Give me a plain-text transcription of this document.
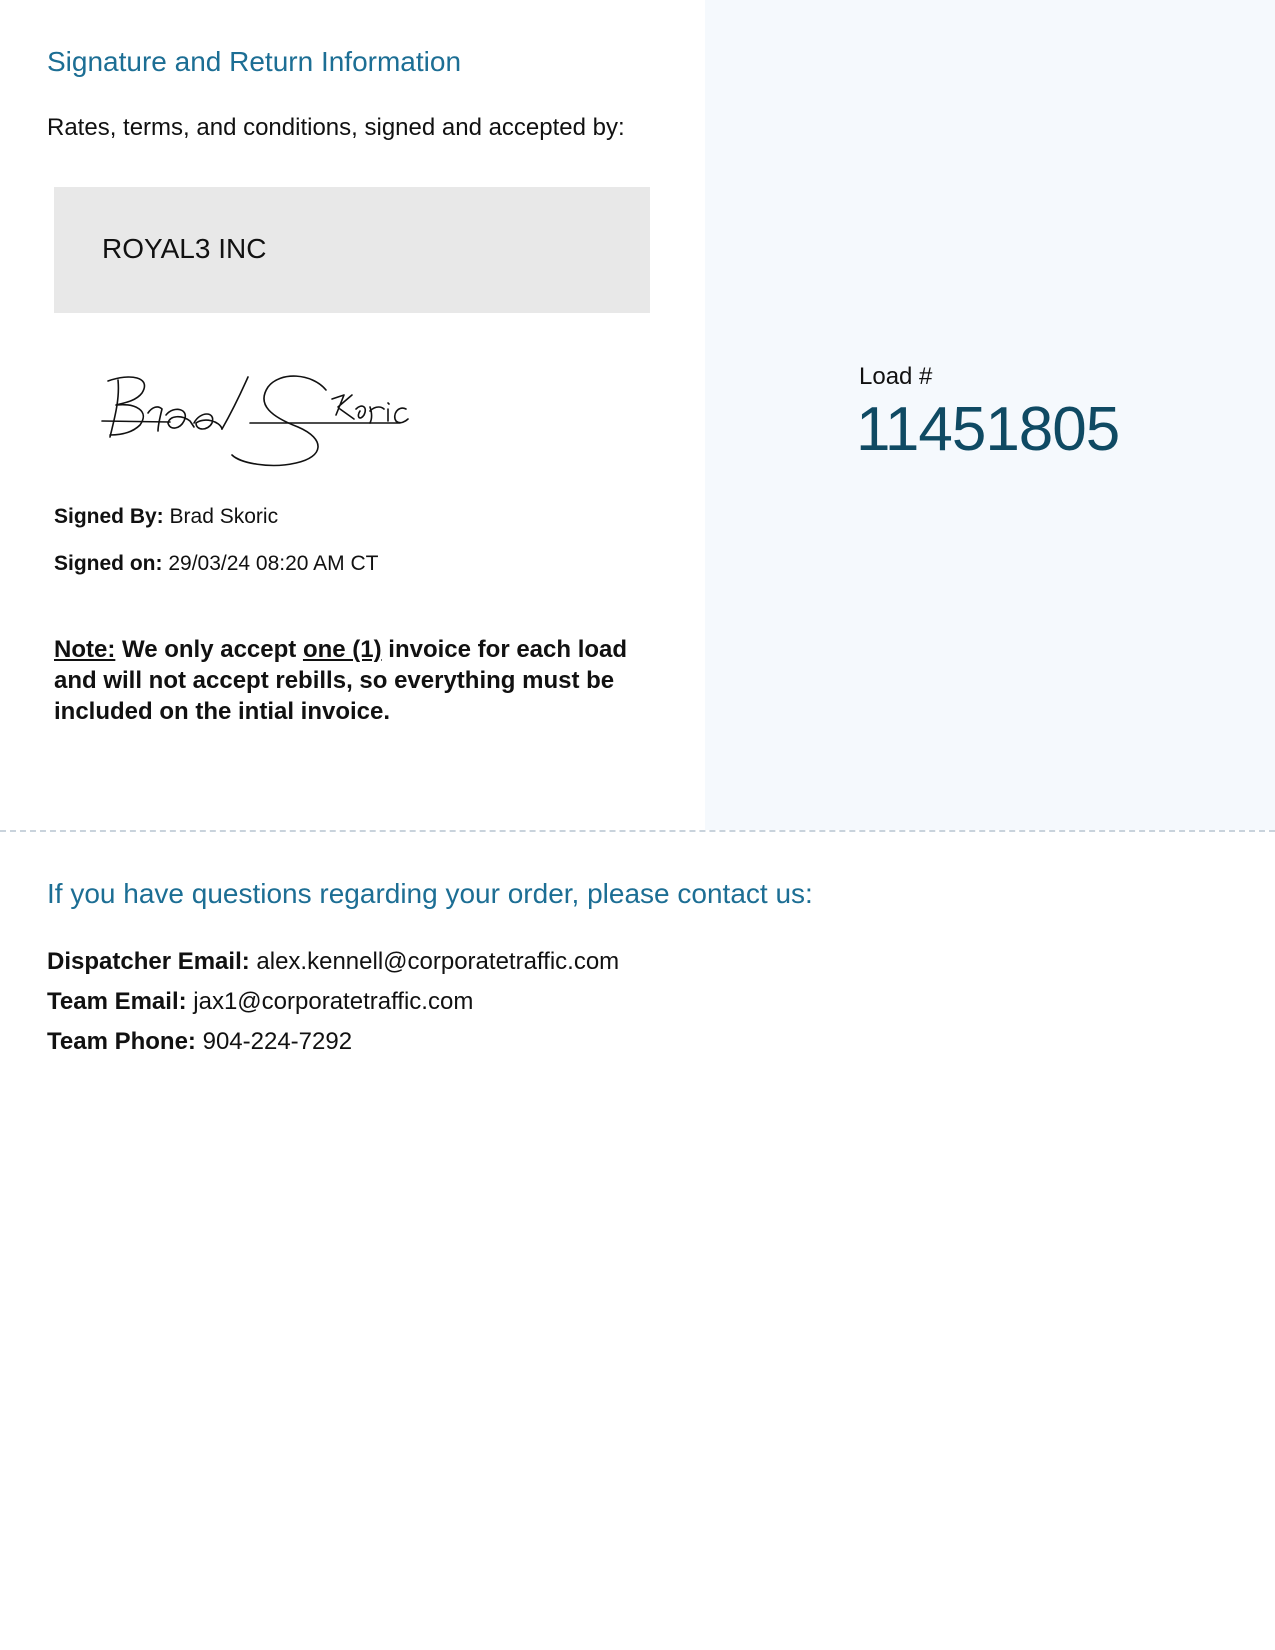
Signature and Return Information

Rates, terms, and conditions, signed and accepted by:

ROYAL3 INC
Brad Skoric

Signed By: Brad Skoric

Signed on: 29/03/24 08:20 AM CT

Note: We only accept one (1) invoice for each load and will not accept rebills, so everything must be included on the intial invoice.

Load #
11451805
If you have questions regarding your order, please contact us:

Dispatcher Email: alex.kennell@corporatetraffic.com

Team Email: jax1@corporatetraffic.com

Team Phone: 904-224-7292
